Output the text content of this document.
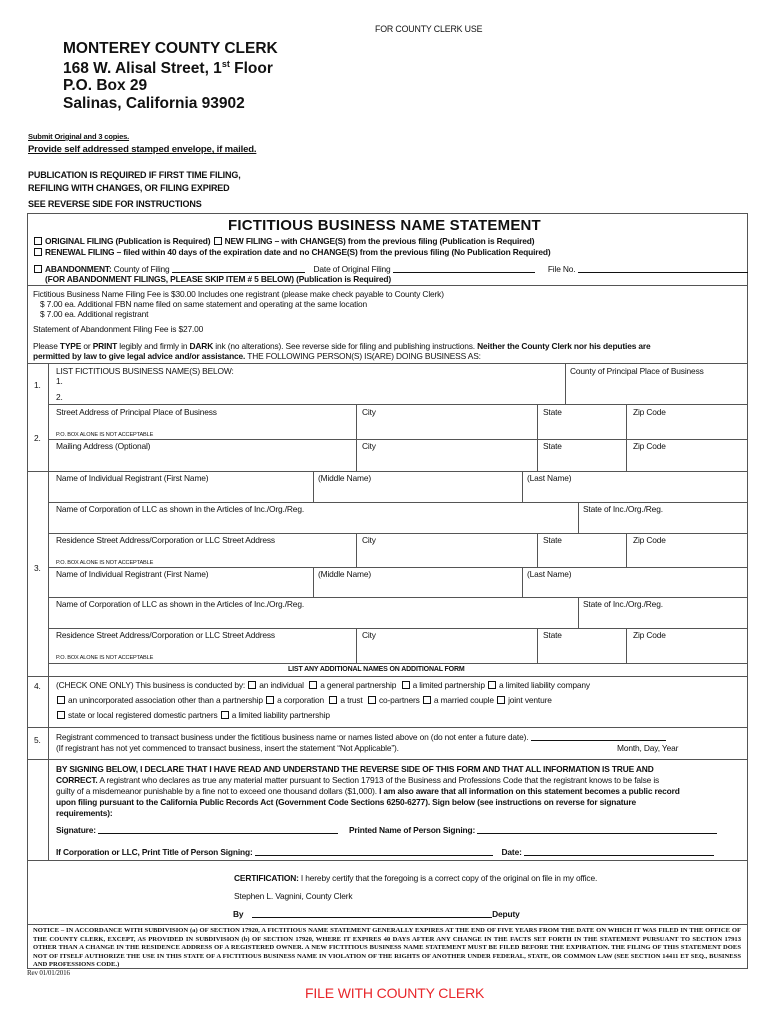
FOR COUNTY CLERK USE
MONTEREY COUNTY CLERK
168 W. Alisal Street, 1st Floor
P.O. Box 29
Salinas, California 93902
Submit Original and 3 copies.
Provide self addressed stamped envelope, if mailed.
PUBLICATION IS REQUIRED IF FIRST TIME FILING,
REFILING WITH CHANGES, OR FILING EXPIRED
SEE REVERSE SIDE FOR INSTRUCTIONS
FICTITIOUS BUSINESS NAME STATEMENT
ORIGINAL FILING (Publication is Required) NEW FILING – with CHANGE(S) from the previous filing (Publication is Required)
RENEWAL FILING – filed within 40 days of the expiration date and no CHANGE(S) from the previous filing (No Publication Required)
ABANDONMENT: County of Filing	Date of Original Filing	File No.
(FOR ABANDONMENT FILINGS, PLEASE SKIP ITEM # 5 BELOW) (Publication is Required)
Fictitious Business Name Filing Fee is $30.00 Includes one registrant (please make check payable to County Clerk)
$ 7.00 ea. Additional FBN name filed on same statement and operating at the same location
$ 7.00 ea. Additional registrant
Statement of Abandonment Filing Fee is $27.00
Please TYPE or PRINT legibly and firmly in DARK ink (no alterations). See reverse side for filing and publishing instructions. Neither the County Clerk nor his deputies are
permitted by law to give legal advice and/or assistance. THE FOLLOWING PERSON(S) IS(ARE) DOING BUSINESS AS:
1.
LIST FICTITIOUS BUSINESS NAME(S) BELOW:
1.
2.
County of Principal Place of Business
2.
Street Address of Principal Place of Business	City	State	Zip Code
P.O. BOX ALONE IS NOT ACCEPTABLE
Mailing Address (Optional)	City	State	Zip Code
3.
Name of Individual Registrant (First Name)	(Middle Name)	(Last Name)
Name of Corporation of LLC as shown in the Articles of Inc./Org./Reg.	State of Inc./Org./Reg.
Residence Street Address/Corporation or LLC Street Address	City	State	Zip Code
P.O. BOX ALONE IS NOT ACCEPTABLE
Name of Individual Registrant (First Name)	(Middle Name)	(Last Name)
Name of Corporation of LLC as shown in the Articles of Inc./Org./Reg.	State of Inc./Org./Reg.
Residence Street Address/Corporation or LLC Street Address	City	State	Zip Code
P.O. BOX ALONE IS NOT ACCEPTABLE
LIST ANY ADDITIONAL NAMES ON ADDITIONAL FORM
4. (CHECK ONE ONLY) This business is conducted by: an individual a general partnership a limited partnership a limited liability company
an unincorporated association other than a partnership a corporation a trust co-partners a married couple joint venture
state or local registered domestic partners a limited liability partnership
5. Registrant commenced to transact business under the fictitious business name or names listed above on (do not enter a future date).
(If registrant has not yet commenced to transact business, insert the statement “Not Applicable”).	Month, Day, Year
BY SIGNING BELOW, I DECLARE THAT I HAVE READ AND UNDERSTAND THE REVERSE SIDE OF THIS FORM AND THAT ALL INFORMATION IS TRUE AND
CORRECT. A registrant who declares as true any material matter pursuant to Section 17913 of the Business and Professions Code that the registrant knows to be false is
guilty of a misdemeanor punishable by a fine not to exceed one thousand dollars ($1,000). I am also aware that all information on this statement becomes a public record
upon filing pursuant to the California Public Records Act (Government Code Sections 6250-6277). Sign below (see instructions on reverse for signature
requirements):
Signature:	Printed Name of Person Signing:
If Corporation or LLC, Print Title of Person Signing:	Date:
CERTIFICATION: I hereby certify that the foregoing is a correct copy of the original on file in my office.
Stephen L. Vagnini, County Clerk
By	Deputy
NOTICE – IN ACCORDANCE WITH SUBDIVISION (a) OF SECTION 17920, A FICTITIOUS NAME STATEMENT GENERALLY EXPIRES AT THE END OF FIVE YEARS FROM THE DATE ON WHICH IT WAS FILED IN THE OFFICE OF THE COUNTY CLERK, EXCEPT, AS PROVIDED IN SUBDIVISION (b) OF SECTION 17920, WHERE IT EXPIRES 40 DAYS AFTER ANY CHANGE IN THE FACTS SET FORTH IN THE STATEMENT PURSUANT TO SECTION 17913 OTHER THAN A CHANGE IN THE RESIDENCE ADDRESS OF A REGISTERED OWNER. A NEW FICTITIOUS BUSINESS NAME STATEMENT MUST BE FILED BEFORE THE EXPIRATION. THE FILING OF THIS STATEMENT DOES NOT OF ITSELF AUTHORIZE THE USE IN THIS STATE OF A FICTITIOUS BUSINESS NAME IN VIOLATION OF THE RIGHTS OF ANOTHER UNDER FEDERAL, STATE, OR COMMON LAW (SEE SECTION 14411 ET SEQ., BUSINESS AND PROFESSIONS CODE.)
Rev 01/01/2016
FILE WITH COUNTY CLERK
